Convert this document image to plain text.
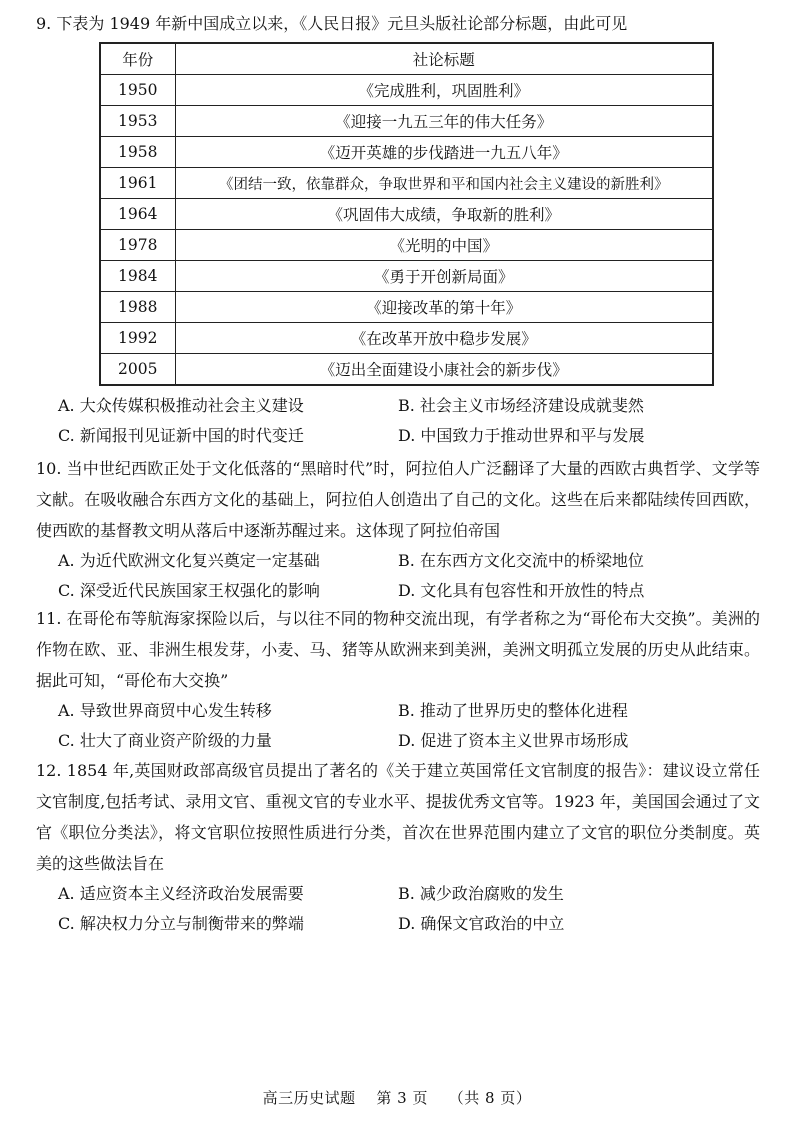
9. 下表为 1949 年新中国成立以来，《人民日报》元旦头版社论部分标题，由此可见
年份	社论标题
1950	《完成胜利，巩固胜利》
1953	《迎接一九五三年的伟大任务》
1958	《迈开英雄的步伐踏进一九五八年》
1961	《团结一致，依靠群众，争取世界和平和国内社会主义建设的新胜利》
1964	《巩固伟大成绩，争取新的胜利》
1978	《光明的中国》
1984	《勇于开创新局面》
1988	《迎接改革的第十年》
1992	《在改革开放中稳步发展》
2005	《迈出全面建设小康社会的新步伐》
A. 大众传媒积极推动社会主义建设	B. 社会主义市场经济建设成就斐然
C. 新闻报刊见证新中国的时代变迁	D. 中国致力于推动世界和平与发展
10. 当中世纪西欧正处于文化低落的“黑暗时代”时，阿拉伯人广泛翻译了大量的西欧古典哲学、文学等文献。在吸收融合东西方文化的基础上，阿拉伯人创造出了自己的文化。这些在后来都陆续传回西欧，使西欧的基督教文明从落后中逐渐苏醒过来。这体现了阿拉伯帝国
A. 为近代欧洲文化复兴奠定一定基础	B. 在东西方文化交流中的桥梁地位
C. 深受近代民族国家王权强化的影响	D. 文化具有包容性和开放性的特点
11. 在哥伦布等航海家探险以后，与以往不同的物种交流出现，有学者称之为“哥伦布大交换”。美洲的作物在欧、亚、非洲生根发芽，小麦、马、猪等从欧洲来到美洲，美洲文明孤立发展的历史从此结束。据此可知，“哥伦布大交换”
A. 导致世界商贸中心发生转移	B. 推动了世界历史的整体化进程
C. 壮大了商业资产阶级的力量	D. 促进了资本主义世界市场形成
12. 1854 年,英国财政部高级官员提出了著名的《关于建立英国常任文官制度的报告》：建议设立常任文官制度,包括考试、录用文官、重视文官的专业水平、提拔优秀文官等。1923 年，美国国会通过了文官《职位分类法》，将文官职位按照性质进行分类，首次在世界范围内建立了文官的职位分类制度。英美的这些做法旨在
A. 适应资本主义经济政治发展需要	B. 减少政治腐败的发生
C. 解决权力分立与制衡带来的弊端	D. 确保文官政治的中立
高三历史试题　 第 3 页　 （共 8 页）
